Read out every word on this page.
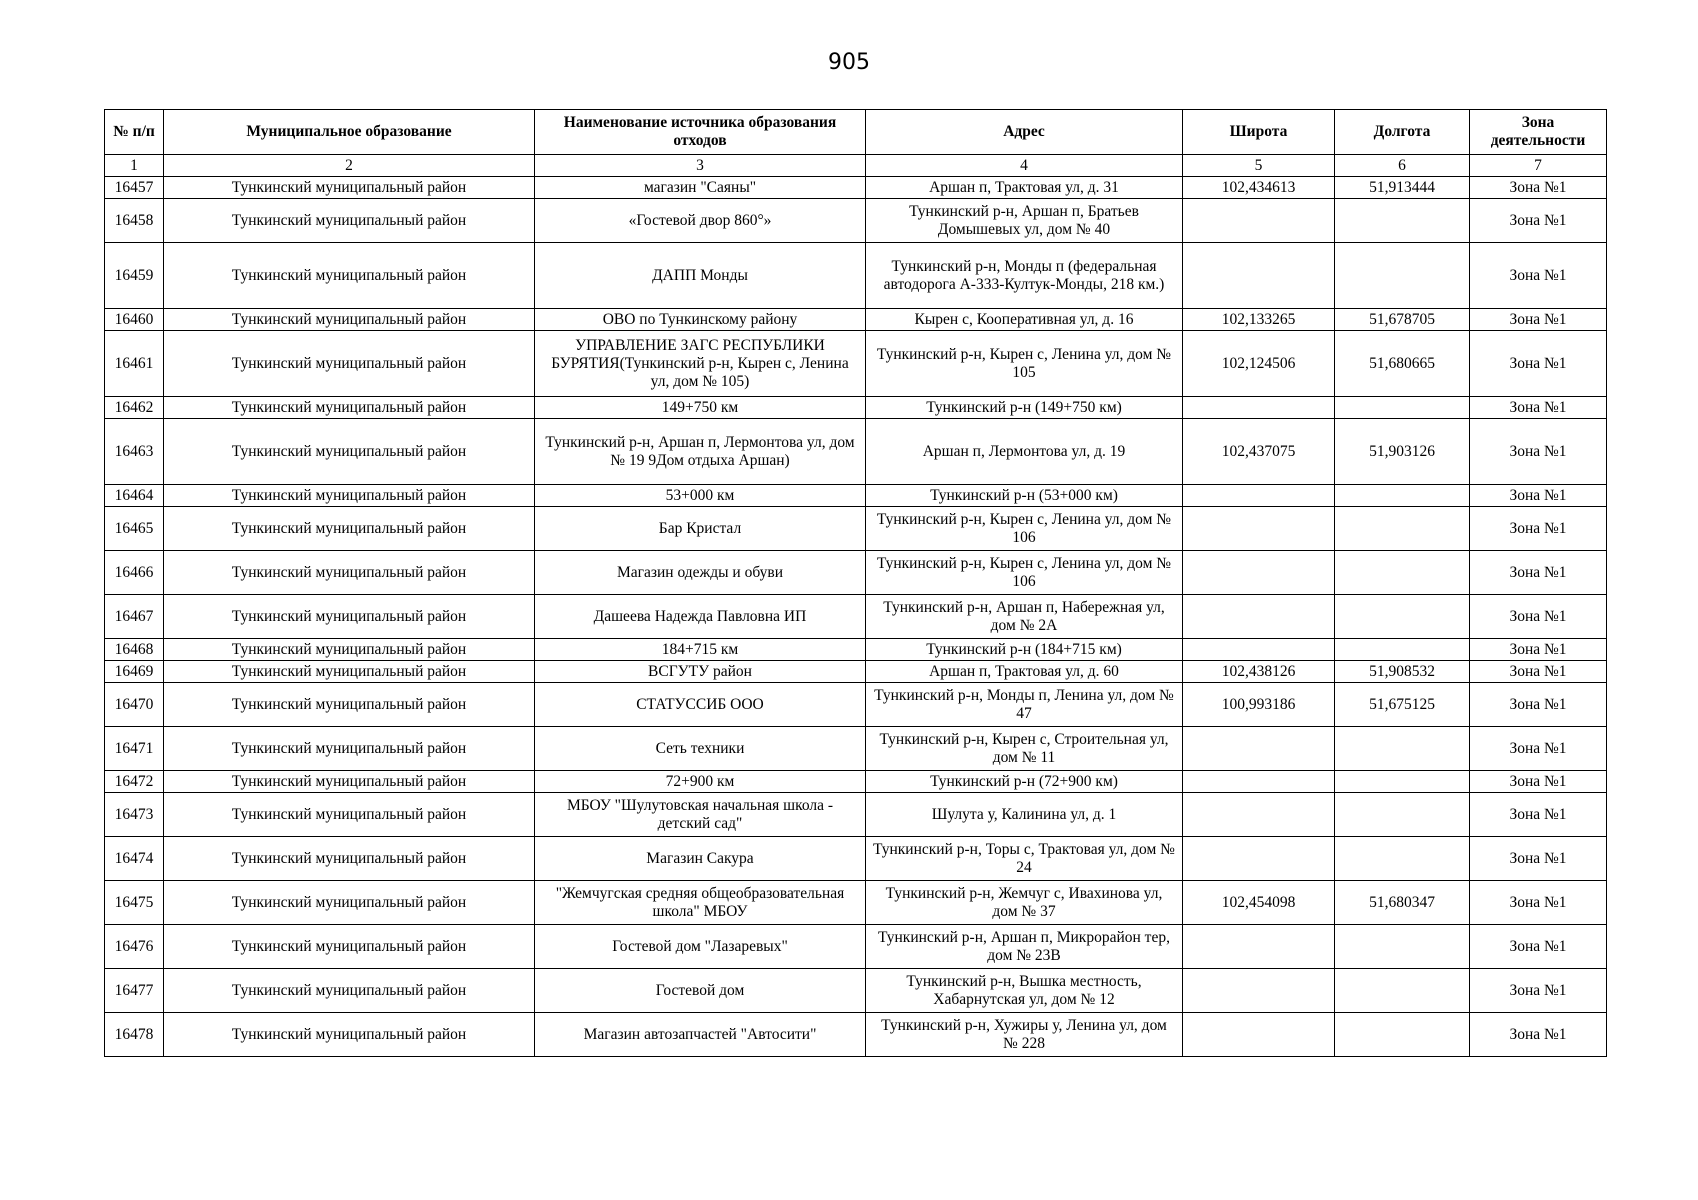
905
№ п/п	Муниципальное образование	Наименование источника образования отходов	Адрес	Широта	Долгота	Зона деятельности
1	2	3	4	5	6	7
16457	Тункинский муниципальный район	магазин "Саяны"	Аршан п, Трактовая ул, д. 31	102,434613	51,913444	Зона №1
16458	Тункинский муниципальный район	«Гостевой двор 860°»	Тункинский р-н, Аршан п, Братьев Домышевых ул, дом № 40			Зона №1
16459	Тункинский муниципальный район	ДАПП Монды	Тункинский р-н, Монды п (федеральная автодорога А-333-Култук-Монды, 218 км.)			Зона №1
16460	Тункинский муниципальный район	ОВО по Тункинскому району	Кырен с, Кооперативная ул, д. 16	102,133265	51,678705	Зона №1
16461	Тункинский муниципальный район	УПРАВЛЕНИЕ ЗАГС РЕСПУБЛИКИ БУРЯТИЯ(Тункинский р-н, Кырен с, Ленина ул, дом № 105)	Тункинский р-н, Кырен с, Ленина ул, дом № 105	102,124506	51,680665	Зона №1
16462	Тункинский муниципальный район	149+750 км	Тункинский р-н (149+750 км)			Зона №1
16463	Тункинский муниципальный район	Тункинский р-н, Аршан п, Лермонтова ул, дом № 19 9Дом отдыха Аршан)	Аршан п, Лермонтова ул, д. 19	102,437075	51,903126	Зона №1
16464	Тункинский муниципальный район	53+000 км	Тункинский р-н (53+000 км)			Зона №1
16465	Тункинский муниципальный район	Бар Кристал	Тункинский р-н, Кырен с, Ленина ул, дом № 106			Зона №1
16466	Тункинский муниципальный район	Магазин одежды и обуви	Тункинский р-н, Кырен с, Ленина ул, дом № 106			Зона №1
16467	Тункинский муниципальный район	Дашеева Надежда Павловна ИП	Тункинский р-н, Аршан п, Набережная ул, дом № 2А			Зона №1
16468	Тункинский муниципальный район	184+715 км	Тункинский р-н (184+715 км)			Зона №1
16469	Тункинский муниципальный район	ВСГУТУ район	Аршан п, Трактовая ул, д. 60	102,438126	51,908532	Зона №1
16470	Тункинский муниципальный район	СТАТУССИБ ООО	Тункинский р-н, Монды п, Ленина ул, дом № 47	100,993186	51,675125	Зона №1
16471	Тункинский муниципальный район	Сеть техники	Тункинский р-н, Кырен с, Строительная ул, дом № 11			Зона №1
16472	Тункинский муниципальный район	72+900 км	Тункинский р-н (72+900 км)			Зона №1
16473	Тункинский муниципальный район	МБОУ "Шулутовская начальная школа - детский сад"	Шулута у, Калинина ул, д. 1			Зона №1
16474	Тункинский муниципальный район	Магазин Сакура	Тункинский р-н, Торы с, Трактовая ул, дом № 24			Зона №1
16475	Тункинский муниципальный район	"Жемчугская средняя общеобразовательная школа" МБОУ	Тункинский р-н, Жемчуг с, Ивахинова ул, дом № 37	102,454098	51,680347	Зона №1
16476	Тункинский муниципальный район	Гостевой дом "Лазаревых"	Тункинский р-н, Аршан п, Микрорайон тер, дом № 23В			Зона №1
16477	Тункинский муниципальный район	Гостевой дом	Тункинский р-н, Вышка местность, Хабарнутская ул, дом № 12			Зона №1
16478	Тункинский муниципальный район	Магазин автозапчастей "Автосити"	Тункинский р-н, Хужиры у, Ленина ул, дом № 228			Зона №1
